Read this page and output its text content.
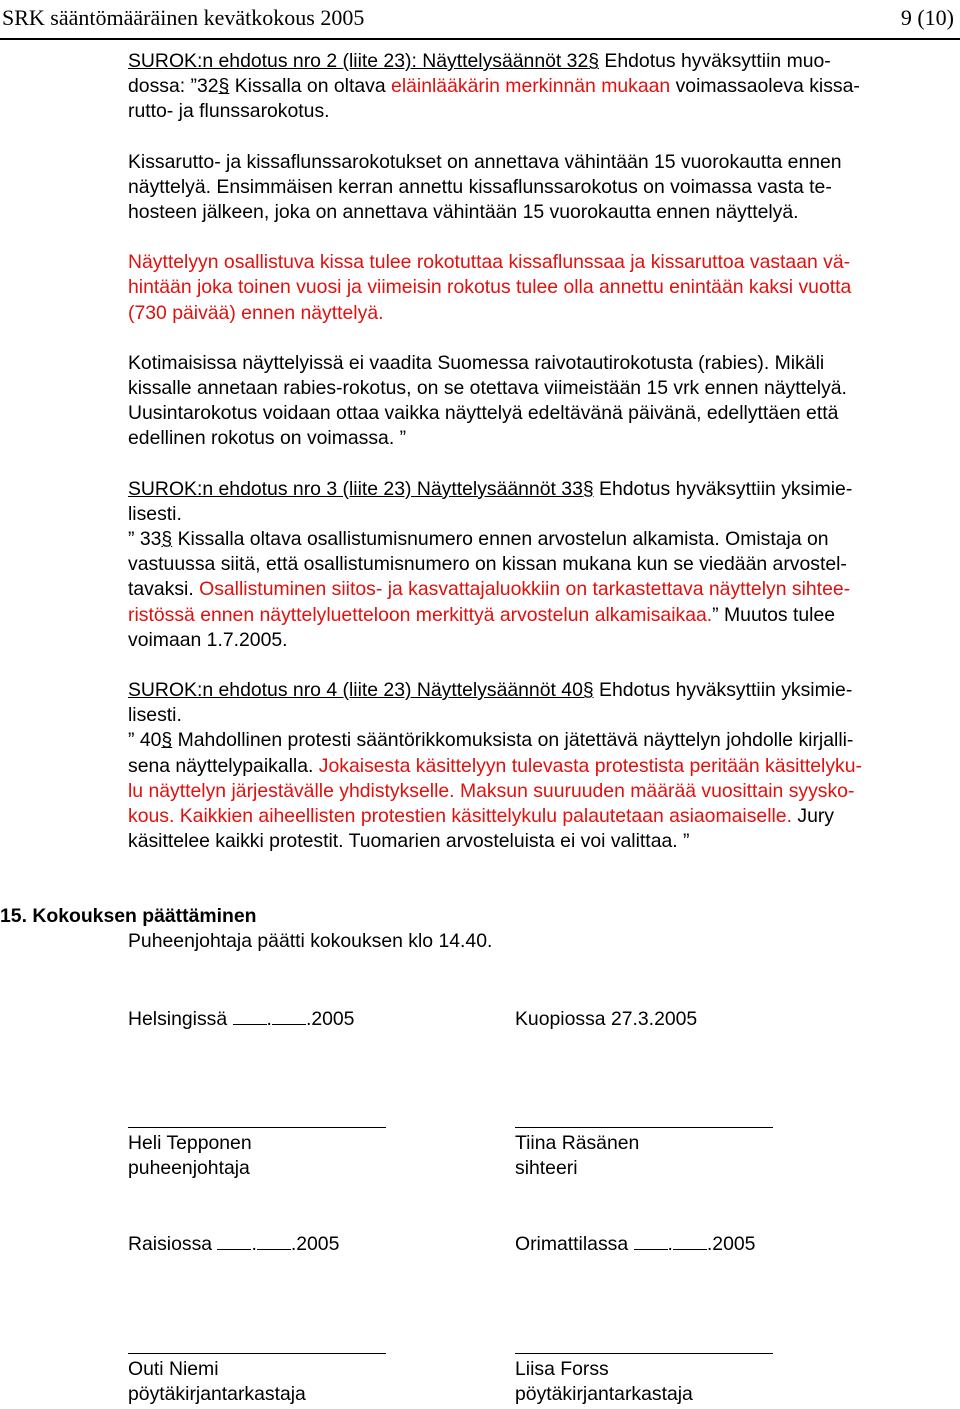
SRK sääntömääräinen kevätkokous 2005	9 (10)

SUROK:n ehdotus nro 2 (liite 23): Näyttelysäännöt 32§ Ehdotus hyväksyttiin muo-
dossa: ”32§ Kissalla on oltava eläinlääkärin merkinnän mukaan voimassaoleva kissa-
rutto- ja flunssarokotus.

Kissarutto- ja kissaflunssarokotukset on annettava vähintään 15 vuorokautta ennen
näyttelyä. Ensimmäisen kerran annettu kissaflunssarokotus on voimassa vasta te-
hosteen jälkeen, joka on annettava vähintään 15 vuorokautta ennen näyttelyä.

Näyttelyyn osallistuva kissa tulee rokotuttaa kissaflunssaa ja kissaruttoa vastaan vä-
hintään joka toinen vuosi ja viimeisin rokotus tulee olla annettu enintään kaksi vuotta
(730 päivää) ennen näyttelyä.

Kotimaisissa näyttelyissä ei vaadita Suomessa raivotautirokotusta (rabies). Mikäli
kissalle annetaan rabies-rokotus, on se otettava viimeistään 15 vrk ennen näyttelyä.
Uusintarokotus voidaan ottaa vaikka näyttelyä edeltävänä päivänä, edellyttäen että
edellinen rokotus on voimassa. ”

SUROK:n ehdotus nro 3 (liite 23) Näyttelysäännöt 33§ Ehdotus hyväksyttiin yksimie-
lisesti.
” 33§ Kissalla oltava osallistumisnumero ennen arvostelun alkamista. Omistaja on
vastuussa siitä, että osallistumisnumero on kissan mukana kun se viedään arvostel-
tavaksi. Osallistuminen siitos- ja kasvattajaluokkiin on tarkastettava näyttelyn sihtee-
ristössä ennen näyttelyluetteloon merkittyä arvostelun alkamisaikaa.” Muutos tulee
voimaan 1.7.2005.

SUROK:n ehdotus nro 4 (liite 23) Näyttelysäännöt 40§ Ehdotus hyväksyttiin yksimie-
lisesti.
” 40§ Mahdollinen protesti sääntörikkomuksista on jätettävä näyttelyn johdolle kirjalli-
sena näyttelypaikalla. Jokaisesta käsittelyyn tulevasta protestista peritään käsittelyku-
lu näyttelyn järjestävälle yhdistykselle. Maksun suuruuden määrää vuosittain syysko-
kous. Kaikkien aiheellisten protestien käsittelykulu palautetaan asiaomaiselle. Jury
käsittelee kaikki protestit. Tuomarien arvosteluista ei voi valittaa. ”

15. Kokouksen päättäminen
Puheenjohtaja päätti kokouksen klo 14.40.
Helsingissä . .2005	Kuopiossa 27.3.2005
Heli Tepponen
puheenjohtaja
Tiina Räsänen
sihteeri
Raisiossa . .2005	Orimattilassa . .2005
Outi Niemi
pöytäkirjantarkastaja
Liisa Forss
pöytäkirjantarkastaja
